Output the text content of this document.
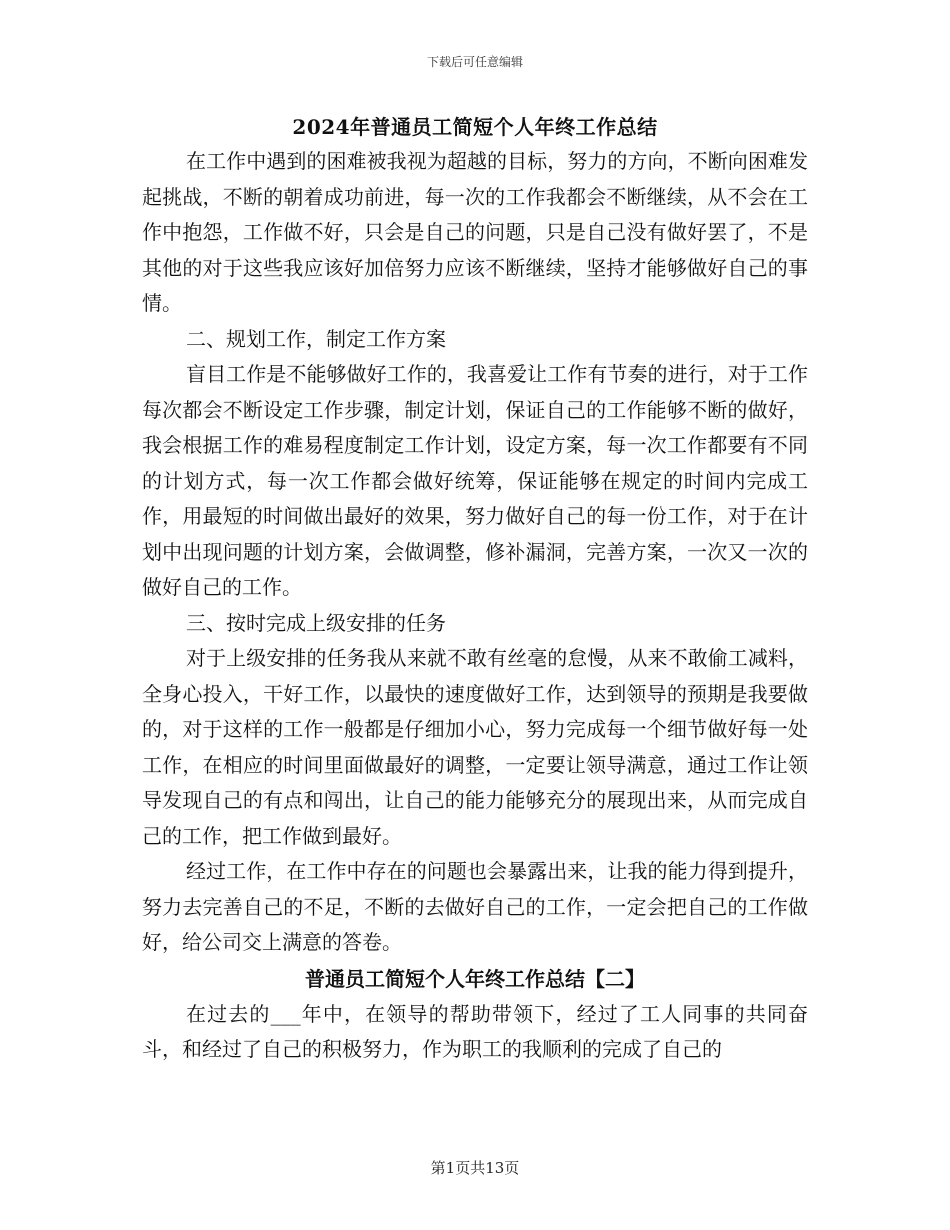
下载后可任意编辑
2024年普通员工简短个人年终工作总结

在工作中遇到的困难被我视为超越的目标，努力的方向，不断向困难发起挑战，不断的朝着成功前进，每一次的工作我都会不断继续，从不会在工作中抱怨，工作做不好，只会是自己的问题，只是自己没有做好罢了，不是其他的对于这些我应该好加倍努力应该不断继续，坚持才能够做好自己的事情。

二、规划工作，制定工作方案

盲目工作是不能够做好工作的，我喜爱让工作有节奏的进行，对于工作每次都会不断设定工作步骤，制定计划，保证自己的工作能够不断的做好，我会根据工作的难易程度制定工作计划，设定方案，每一次工作都要有不同的计划方式，每一次工作都会做好统筹，保证能够在规定的时间内完成工作，用最短的时间做出最好的效果，努力做好自己的每一份工作，对于在计划中出现问题的计划方案，会做调整，修补漏洞，完善方案，一次又一次的做好自己的工作。

三、按时完成上级安排的任务

对于上级安排的任务我从来就不敢有丝毫的怠慢，从来不敢偷工减料，全身心投入，干好工作，以最快的速度做好工作，达到领导的预期是我要做的，对于这样的工作一般都是仔细加小心，努力完成每一个细节做好每一处工作，在相应的时间里面做最好的调整，一定要让领导满意，通过工作让领导发现自己的有点和闯出，让自己的能力能够充分的展现出来，从而完成自己的工作，把工作做到最好。

经过工作，在工作中存在的问题也会暴露出来，让我的能力得到提升，努力去完善自己的不足，不断的去做好自己的工作，一定会把自己的工作做好，给公司交上满意的答卷。

普通员工简短个人年终工作总结【二】

在过去的___年中，在领导的帮助带领下，经过了工人同事的共同奋斗，和经过了自己的积极努力，作为职工的我顺利的完成了自己的

第1页共13页
